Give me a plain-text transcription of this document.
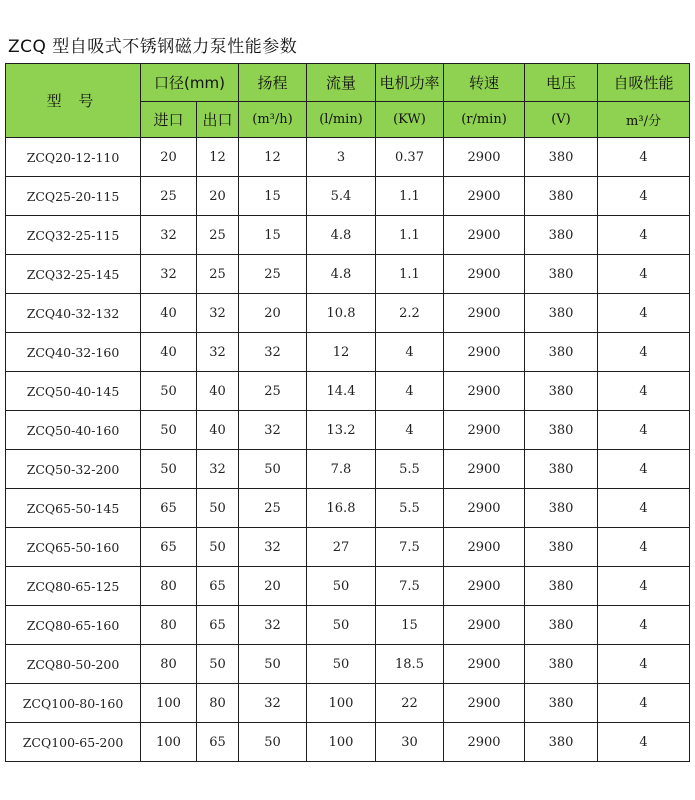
ZCQ 型自吸式不锈钢磁力泵性能参数
型 号	口径(mm)		扬程	流量	电机功率	转速	电压	自吸性能
	进口	出口	(m³/h)	(l/min)	(KW)	(r/min)	(V)	m³/分
ZCQ20-12-110	20	12	12	3	0.37	2900	380	4
ZCQ25-20-115	25	20	15	5.4	1.1	2900	380	4
ZCQ32-25-115	32	25	15	4.8	1.1	2900	380	4
ZCQ32-25-145	32	25	25	4.8	1.1	2900	380	4
ZCQ40-32-132	40	32	20	10.8	2.2	2900	380	4
ZCQ40-32-160	40	32	32	12	4	2900	380	4
ZCQ50-40-145	50	40	25	14.4	4	2900	380	4
ZCQ50-40-160	50	40	32	13.2	4	2900	380	4
ZCQ50-32-200	50	32	50	7.8	5.5	2900	380	4
ZCQ65-50-145	65	50	25	16.8	5.5	2900	380	4
ZCQ65-50-160	65	50	32	27	7.5	2900	380	4
ZCQ80-65-125	80	65	20	50	7.5	2900	380	4
ZCQ80-65-160	80	65	32	50	15	2900	380	4
ZCQ80-50-200	80	50	50	50	18.5	2900	380	4
ZCQ100-80-160	100	80	32	100	22	2900	380	4
ZCQ100-65-200	100	65	50	100	30	2900	380	4
